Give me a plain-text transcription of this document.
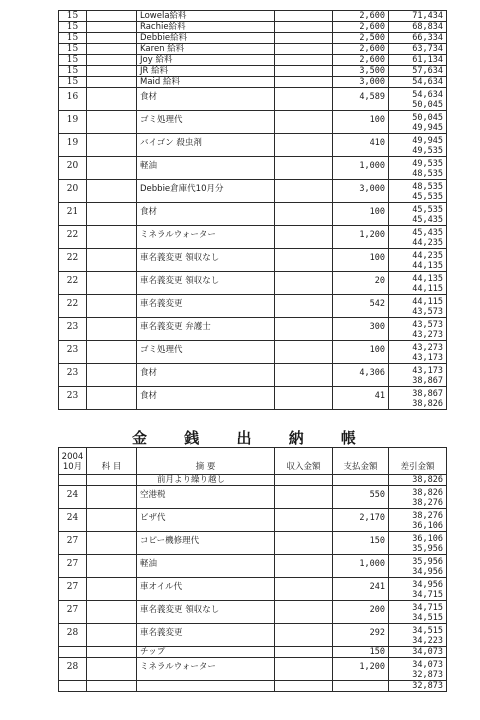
15		Lowela給料		2,600	71,434
15		Rachie給料		2,600	68,834
15		Debbie給料		2,500	66,334
15		Karen 給料		2,600	63,734
15		Joy 給料		2,600	61,134
15		JR 給料		3,500	57,634
15		Maid 給料		3,000	54,634
16		食材		4,589	54,634
50,045

19		ゴミ処理代		100	50,045
49,945

19		バイゴン 殺虫剤		410	49,945
49,535

20		軽油		1,000	49,535
48,535

20		Debbie倉庫代10月分		3,000	48,535
45,535

21		食材		100	45,535
45,435

22		ミネラルウォーター		1,200	45,435
44,235

22		車名義変更 領収なし		100	44,235
44,135

22		車名義変更 領収なし		20	44,135
44,115

22		車名義変更		542	44,115
43,573

23		車名義変更 弁護士		300	43,573
43,273

23		ゴミ処理代		100	43,273
43,173

23		食材		4,306	43,173
38,867

23		食材		41	38,867
38,826
金 銭 出 納 帳
2004
10月	科 目	摘 要	収入金額	支払金額	差引金額
		前月より繰り越し			38,826
24		空港税		550	38,826
38,276

24		ビザ代		2,170	38,276
36,106

27		コピー機修理代		150	36,106
35,956

27		軽油		1,000	35,956
34,956

27		車オイル代		241	34,956
34,715

27		車名義変更 領収なし		200	34,715
34,515

28		車名義変更		292	34,515
34,223

		チップ		150	34,073
28		ミネラルウォーター		1,200	34,073
32,873

					32,873
